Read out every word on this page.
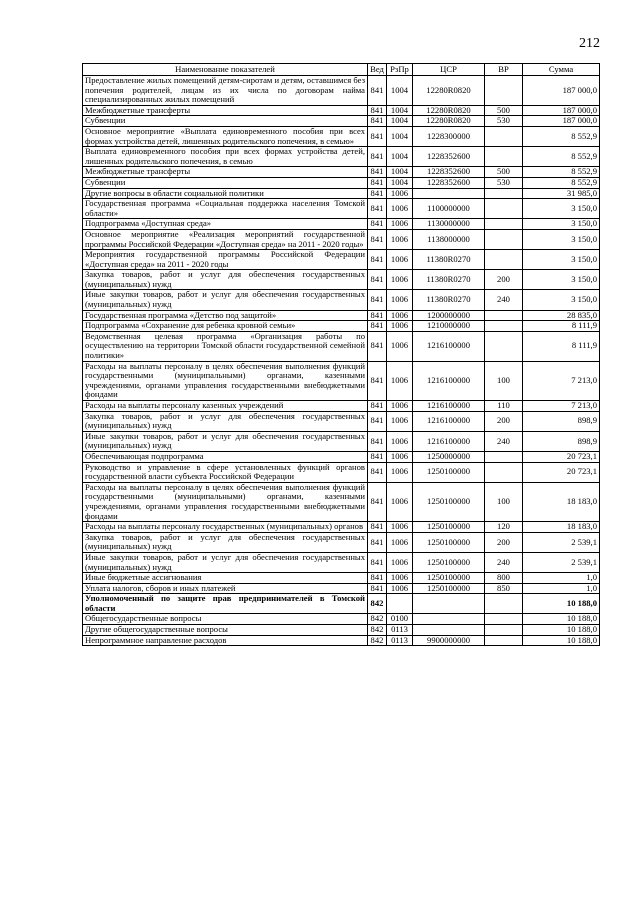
212
Наименование показателей	Вед	РзПр	ЦСР	ВР	Сумма
Предоставление жилых помещений детям-сиротам и детям, оставшимся без попечения родителей, лицам из их числа по договорам найма специализированных жилых помещений	841	1004	12280R0820		187 000,0
Межбюджетные трансферты	841	1004	12280R0820	500	187 000,0
Субвенции	841	1004	12280R0820	530	187 000,0
Основное мероприятие «Выплата единовременного пособия при всех формах устройства детей, лишенных родительского попечения, в семью»	841	1004	1228300000		8 552,9
Выплата единовременного пособия при всех формах устройства детей, лишенных родительского попечения, в семью	841	1004	1228352600		8 552,9
Межбюджетные трансферты	841	1004	1228352600	500	8 552,9
Субвенции	841	1004	1228352600	530	8 552,9
Другие вопросы в области социальной политики	841	1006			31 985,0
Государственная программа «Социальная поддержка населения Томской области»	841	1006	1100000000		3 150,0
Подпрограмма «Доступная среда»	841	1006	1130000000		3 150,0
Основное мероприятие «Реализация мероприятий государственной программы Российской Федерации «Доступная среда» на 2011 - 2020 годы»	841	1006	1138000000		3 150,0
Мероприятия государственной программы Российской Федерации «Доступная среда» на 2011 - 2020 годы	841	1006	11380R0270		3 150,0
Закупка товаров, работ и услуг для обеспечения государственных (муниципальных) нужд	841	1006	11380R0270	200	3 150,0
Иные закупки товаров, работ и услуг для обеспечения государственных (муниципальных) нужд	841	1006	11380R0270	240	3 150,0
Государственная программа «Детство под защитой»	841	1006	1200000000		28 835,0
Подпрограмма «Сохранение для ребенка кровной семьи»	841	1006	1210000000		8 111,9
Ведомственная целевая программа «Организация работы по осуществлению на территории Томской области государственной семейной политики»	841	1006	1216100000		8 111,9
Расходы на выплаты персоналу в целях обеспечения выполнения функций государственными (муниципальными) органами, казенными учреждениями, органами управления государственными внебюджетными фондами	841	1006	1216100000	100	7 213,0
Расходы на выплаты персоналу казенных учреждений	841	1006	1216100000	110	7 213,0
Закупка товаров, работ и услуг для обеспечения государственных (муниципальных) нужд	841	1006	1216100000	200	898,9
Иные закупки товаров, работ и услуг для обеспечения государственных (муниципальных) нужд	841	1006	1216100000	240	898,9
Обеспечивающая подпрограмма	841	1006	1250000000		20 723,1
Руководство и управление в сфере установленных функций органов государственной власти субъекта Российской Федерации	841	1006	1250100000		20 723,1
Расходы на выплаты персоналу в целях обеспечения выполнения функций государственными (муниципальными) органами, казенными учреждениями, органами управления государственными внебюджетными фондами	841	1006	1250100000	100	18 183,0
Расходы на выплаты персоналу государственных (муниципальных) органов	841	1006	1250100000	120	18 183,0
Закупка товаров, работ и услуг для обеспечения государственных (муниципальных) нужд	841	1006	1250100000	200	2 539,1
Иные закупки товаров, работ и услуг для обеспечения государственных (муниципальных) нужд	841	1006	1250100000	240	2 539,1
Иные бюджетные ассигнования	841	1006	1250100000	800	1,0
Уплата налогов, сборов и иных платежей	841	1006	1250100000	850	1,0
Уполномоченный по защите прав предпринимателей в Томской области	842				10 188,0
Общегосударственные вопросы	842	0100			10 188,0
Другие общегосударственные вопросы	842	0113			10 188,0
Непрограммное направление расходов	842	0113	9900000000		10 188,0
